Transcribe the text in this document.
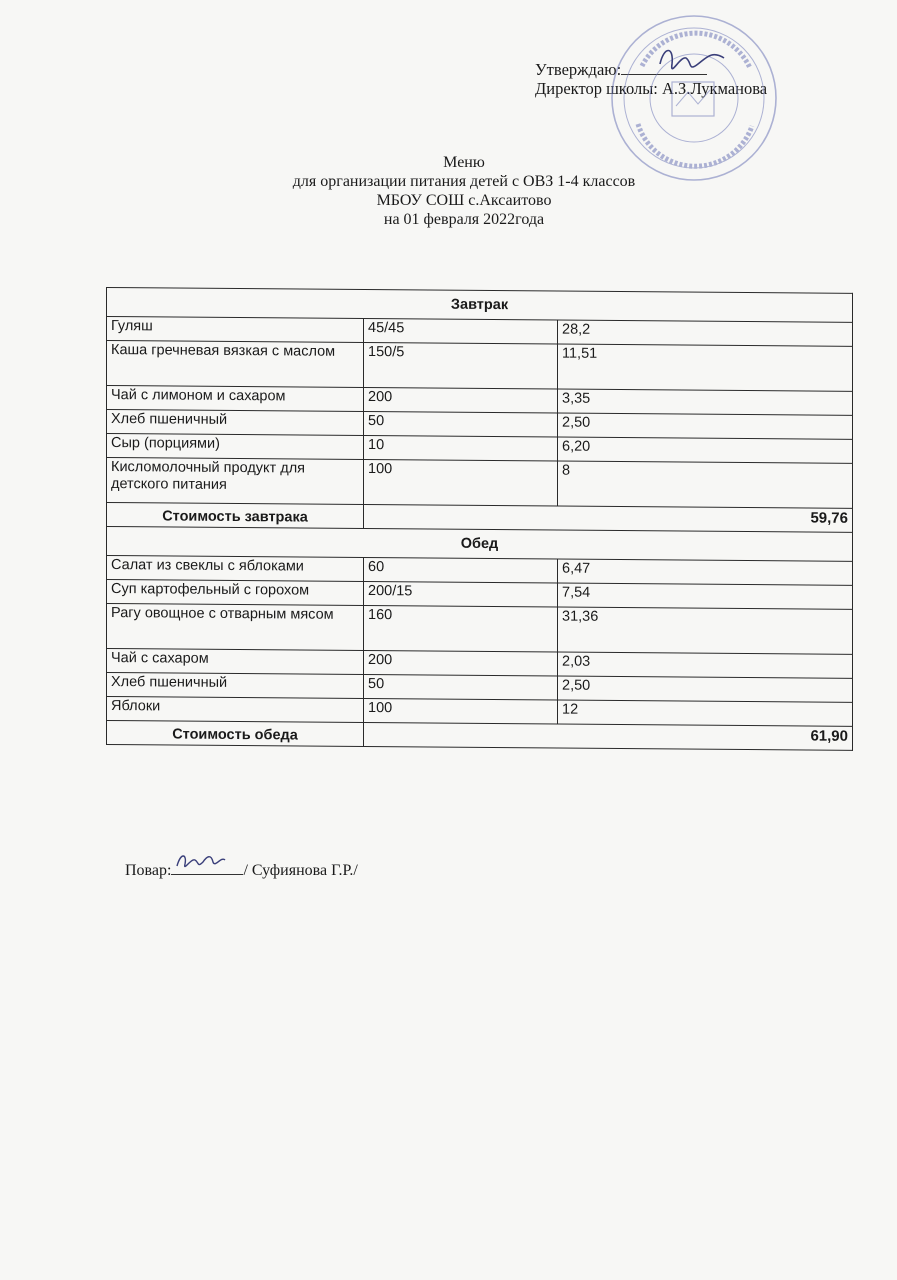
Утверждаю:
Директор школы: А.З.Лукманова
Меню
для организации питания детей с ОВЗ 1-4 классов
МБОУ СОШ с.Аксаитово
на 01 февраля 2022года
Завтрак		
Гуляш	45/45	28,2
Каша гречневая вязкая с маслом	150/5	11,51
Чай с лимоном и сахаром	200	3,35
Хлеб пшеничный	50	2,50
Сыр (порциями)	10	6,20
Кисломолочный продукт для детского питания	100	8
Стоимость завтрака	59,76	
Обед		
Салат из свеклы с яблоками	60	6,47
Суп картофельный с горохом	200/15	7,54
Рагу овощное с отварным мясом	160	31,36
Чай с сахаром	200	2,03
Хлеб пшеничный	50	2,50
Яблоки	100	12
Стоимость обеда	61,90	
Повар:	/ Суфиянова Г.Р./
